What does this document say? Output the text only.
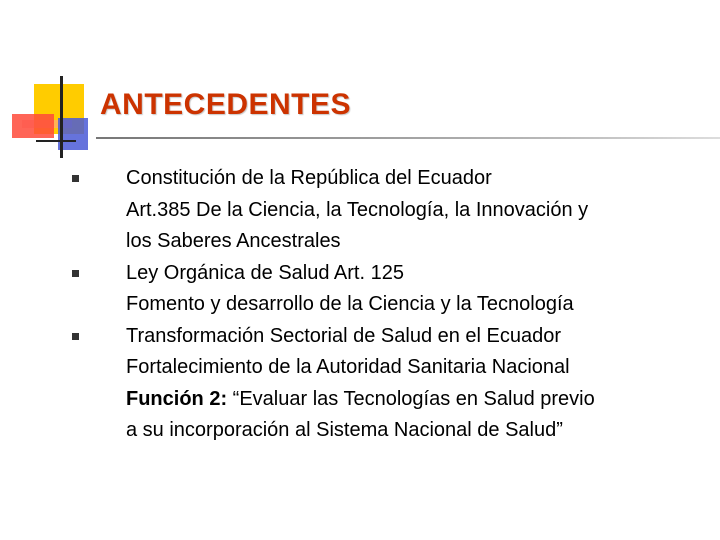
ANTECEDENTES
Constitución de la República del Ecuador
Art.385 De la Ciencia, la Tecnología, la Innovación y
los Saberes Ancestrales
Ley Orgánica de Salud Art. 125
Fomento y desarrollo de la Ciencia y la Tecnología
Transformación Sectorial de Salud en el Ecuador
Fortalecimiento de la Autoridad Sanitaria Nacional
Función 2: “Evaluar las Tecnologías en Salud previo
a su incorporación al Sistema Nacional de Salud”
